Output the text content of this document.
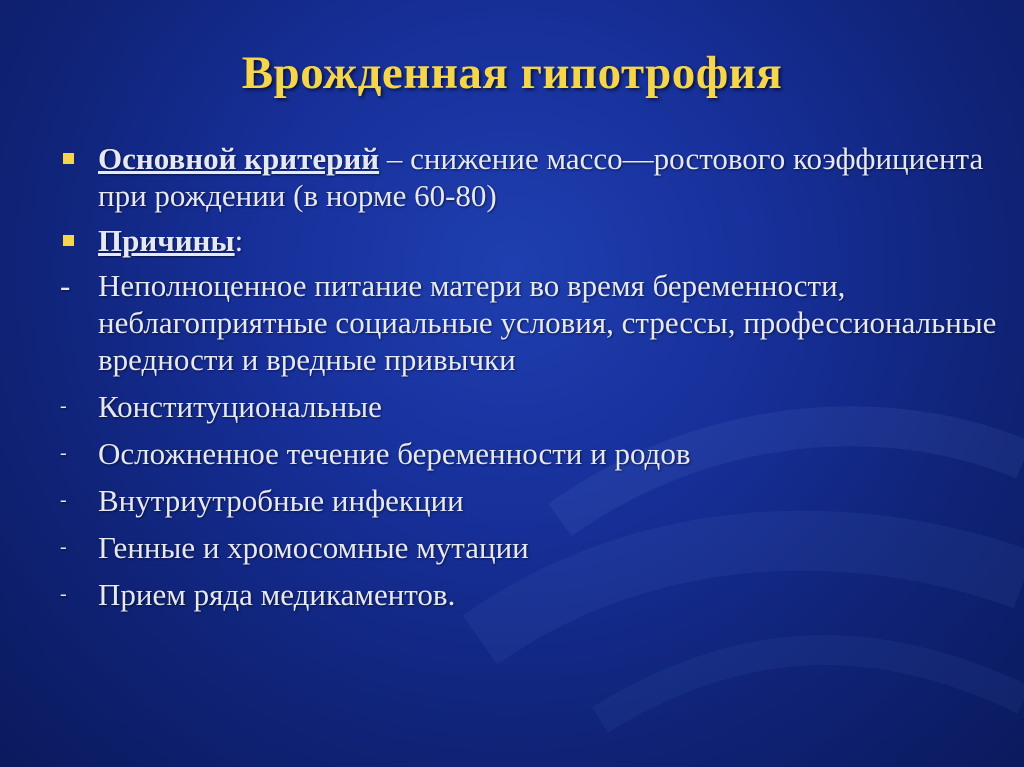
Врожденная гипотрофия
Основной критерий – снижение массо—ростового коэффициента при рождении (в норме 60-80)
Причины:
- Неполноценное питание матери во время беременности, неблагоприятные социальные условия, стрессы, профессиональные вредности и вредные привычки
- Конституциональные
- Осложненное течение беременности и родов
- Внутриутробные инфекции
- Генные и хромосомные мутации
- Прием ряда медикаментов.
